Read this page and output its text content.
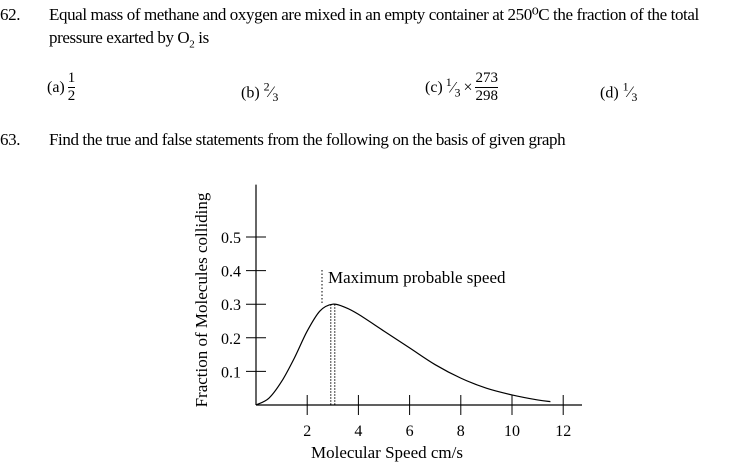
62. Equal mass of methane and oxygen are mixed in an empty container at 250⁰C the fraction of the total
pressure exarted by $O_2$ is
$(a) \frac{1}{2}$	(b) $^2⁄_3$
(c) $^1⁄_3 \times \frac{273}{298}$	(d) $^1⁄_3$
63. Find the true and false statements from the following on the basis of given graph
2	4	6	8 10 12
0.1
0.2
0.3
0.4
0.5
Maximum probable speed
Molecular Speed cm/s
Fraction of Molecules colliding
